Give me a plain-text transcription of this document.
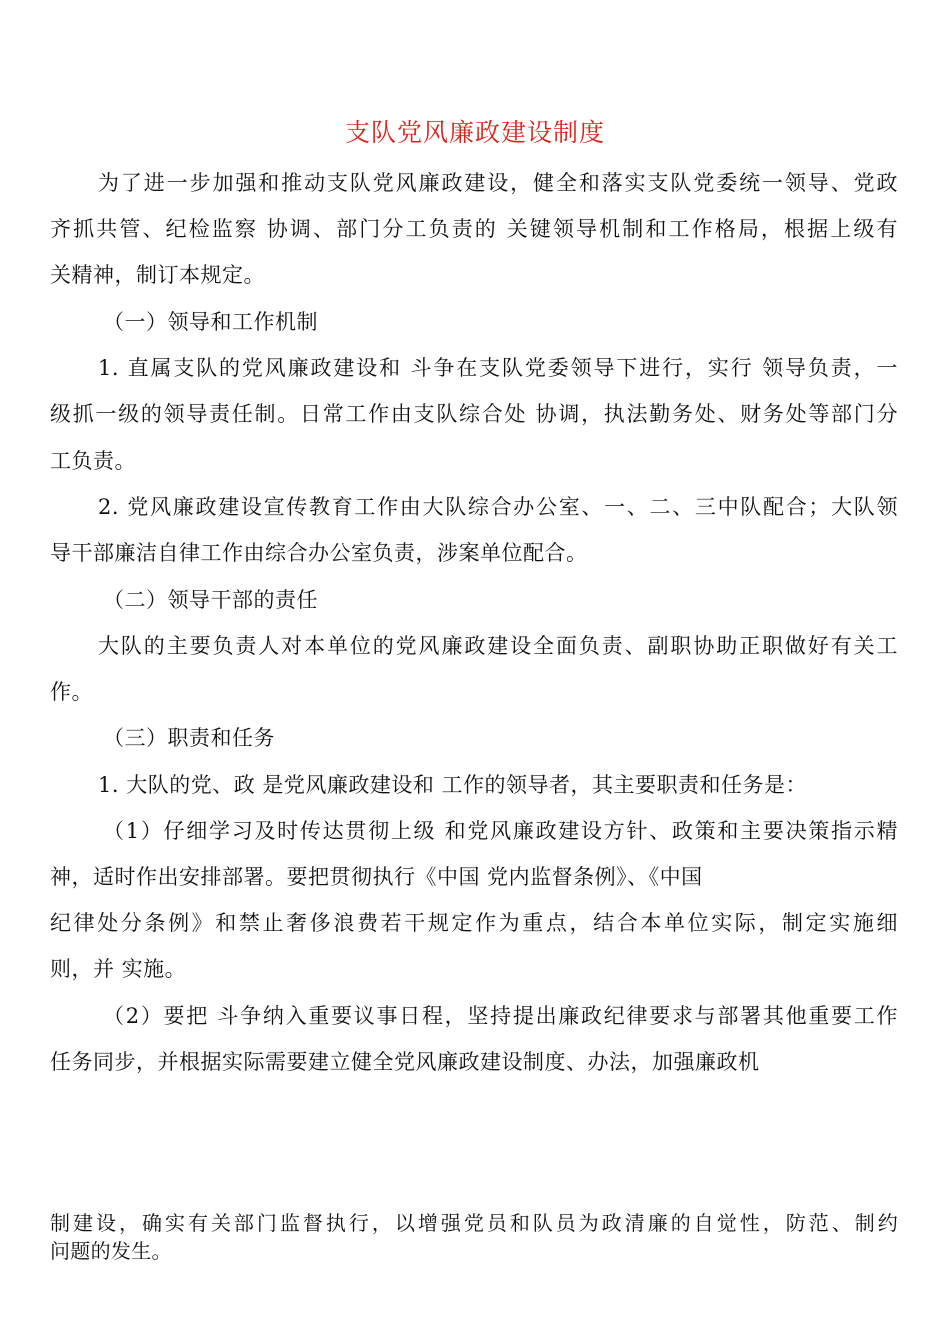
支队党风廉政建设制度
为了进一步加强和推动支队党风廉政建设，健全和落实支队党委统一领导、党政
齐抓共管、纪检监察 协调、部门分工负责的 关键领导机制和工作格局，根据上级有
关精神，制订本规定。
（一）领导和工作机制
1. 直属支队的党风廉政建设和 斗争在支队党委领导下进行，实行 领导负责，一
级抓一级的领导责任制。日常工作由支队综合处 协调，执法勤务处、财务处等部门分
工负责。
2. 党风廉政建设宣传教育工作由大队综合办公室、一、二、三中队配合；大队领
导干部廉洁自律工作由综合办公室负责，涉案单位配合。
（二）领导干部的责任
大队的主要负责人对本单位的党风廉政建设全面负责、副职协助正职做好有关工
作。
（三）职责和任务
1. 大队的党、政 是党风廉政建设和 工作的领导者，其主要职责和任务是：
（1）仔细学习及时传达贯彻上级 和党风廉政建设方针、政策和主要决策指示精
神，适时作出安排部署。要把贯彻执行《中国 党内监督条例》、《中国
纪律处分条例》和禁止奢侈浪费若干规定作为重点，结合本单位实际，制定实施细
则，并 实施。
（2）要把 斗争纳入重要议事日程，坚持提出廉政纪律要求与部署其他重要工作
任务同步，并根据实际需要建立健全党风廉政建设制度、办法，加强廉政机
制建设，确实有关部门监督执行，以增强党员和队员为政清廉的自觉性，防范、制约
问题的发生。
